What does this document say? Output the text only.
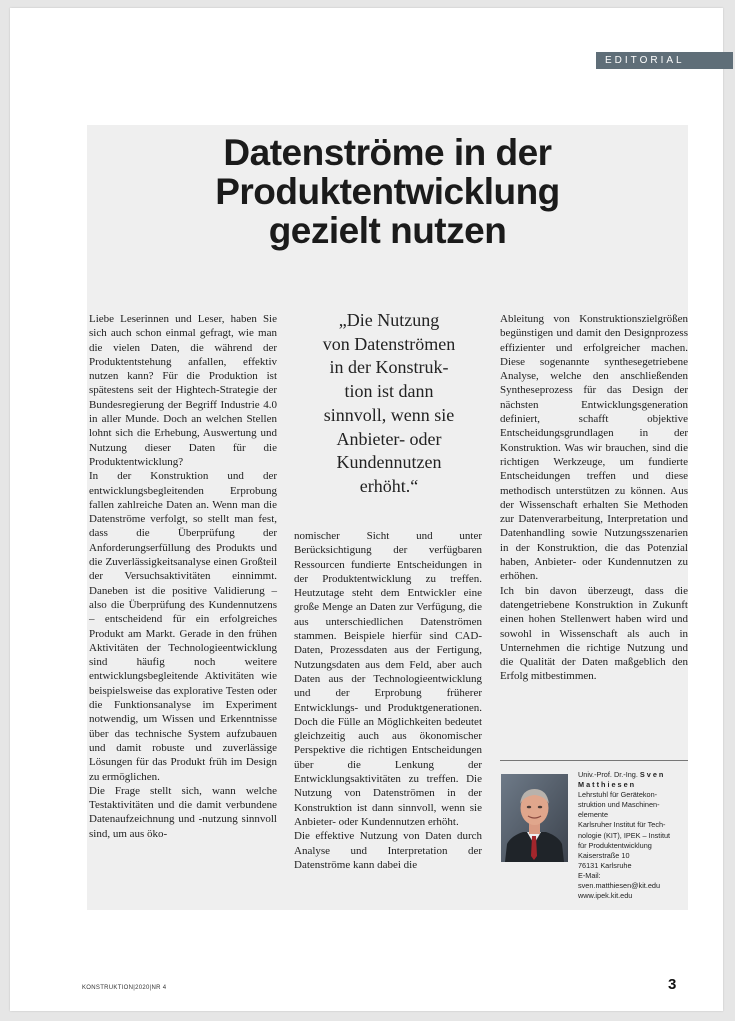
EDITORIAL
Datenströme in der
Produktentwicklung
gezielt nutzen

Liebe Leserinnen und Leser, haben Sie sich auch schon einmal gefragt, wie man die vielen Daten, die während der Produktentstehung anfallen, effektiv nutzen kann? Für die Produktion ist spätestens seit der Hightech-Strategie der Bundesregierung der Begriff Industrie 4.0 in aller Munde. Doch an welchen Stellen lohnt sich die Erhebung, Auswertung und Nutzung dieser Daten für die Produktentwicklung?

In der Konstruktion und der entwicklungsbegleitenden Erprobung fallen zahlreiche Daten an. Wenn man die Datenströme verfolgt, so stellt man fest, dass die Überprüfung der Anforderungserfüllung des Produkts und die Zuverlässigkeitsanalyse einen Großteil der Versuchsaktivitäten einnimmt. Daneben ist die positive Validierung – also die Überprüfung des Kundennutzens – entscheidend für ein erfolgreiches Produkt am Markt. Gerade in den frühen Aktivitäten der Technologieentwicklung sind häufig noch weitere entwicklungsbegleitende Aktivitäten wie beispielsweise das explorative Testen oder die Funktionsanalyse im Experiment notwendig, um Wissen und Erkenntnisse über das technische System aufzubauen und damit robuste und zuverlässige Lösungen für das Produkt früh im Design zu ermöglichen.

Die Frage stellt sich, wann welche Testaktivitäten und die damit verbundene Datenaufzeichnung und -nutzung sinnvoll sind, um aus öko-

„Die Nutzung
von Datenströmen
in der Konstruk-
tion ist dann
sinnvoll, wenn sie
Anbieter- oder
Kundennutzen
erhöht.“

nomischer Sicht und unter Berücksichtigung der verfügbaren Ressourcen fundierte Entscheidungen in der Produktentwicklung zu treffen. Heutzutage steht dem Entwickler eine große Menge an Daten zur Verfügung, die aus unterschiedlichen Datenströmen stammen. Beispiele hierfür sind CAD-Daten, Prozessdaten aus der Fertigung, Nutzungsdaten aus dem Feld, aber auch Daten aus der Technologieentwicklung und der Erprobung früherer Entwicklungs- und Produktgenerationen. Doch die Fülle an Möglichkeiten bedeutet gleichzeitig auch aus ökonomischer Perspektive die richtigen Entscheidungen über die Lenkung der Entwicklungsaktivitäten zu treffen. Die Nutzung von Datenströmen in der Konstruktion ist dann sinnvoll, wenn sie Anbieter- oder Kundennutzen erhöht.

Die effektive Nutzung von Daten durch Analyse und Interpretation der Datenströme kann dabei die

Ableitung von Konstruktionszielgrößen begünstigen und damit den Designprozess effizienter und erfolgreicher machen. Diese sogenannte synthesegetriebene Analyse, welche den anschließenden Syntheseprozess für das Design der nächsten Entwicklungsgeneration definiert, schafft objektive Entscheidungsgrundlagen in der Konstruktion. Was wir brauchen, sind die richtigen Werkzeuge, um fundierte Entscheidungen treffen und diese methodisch unterstützen zu können. Aus der Wissenschaft erhalten Sie Methoden zur Datenverarbeitung, Interpretation und Datenhandling sowie Nutzungsszenarien in der Konstruktion, die das Potenzial haben, Anbieter- oder Kundennutzen zu erhöhen.

Ich bin davon überzeugt, dass die datengetriebene Konstruktion in Zukunft einen hohen Stellenwert haben wird und sowohl in Wissenschaft als auch in Unternehmen die richtige Nutzung und die Qualität der Daten maßgeblich den Erfolg mitbestimmen.

Univ.-Prof. Dr.-Ing. Sven
Matthiesen
Lehrstuhl für Gerätekon-
struktion und Maschinen-
elemente
Karlsruher Institut für Tech-
nologie (KIT), IPEK – Institut
für Produktentwicklung
Kaiserstraße 10
76131 Karlsruhe
E-Mail:
sven.matthiesen@kit.edu
www.ipek.kit.edu
KONSTRUKTION|2020|NR 4	3
